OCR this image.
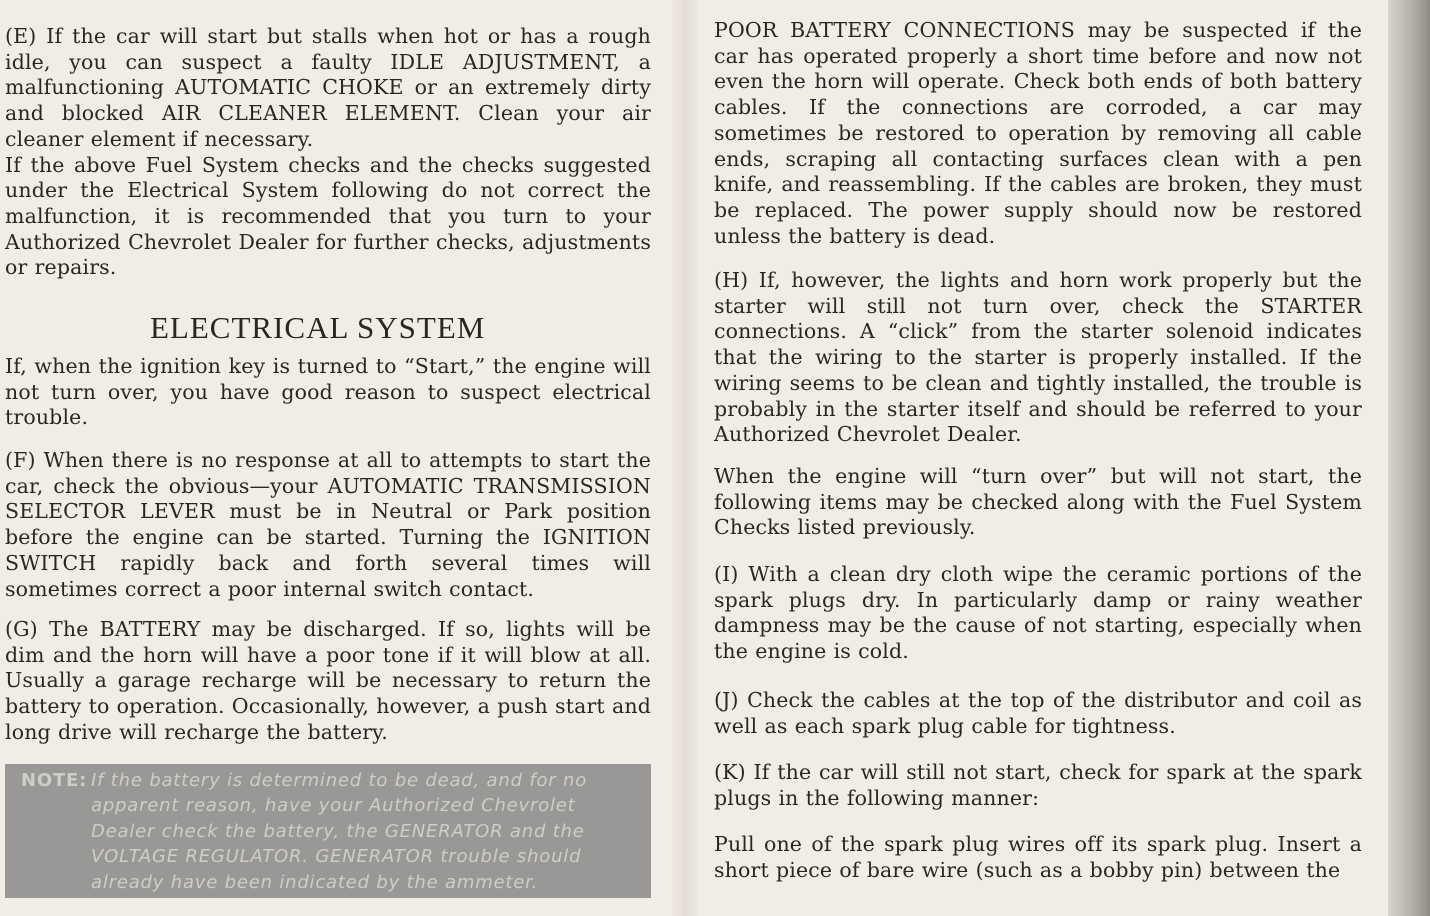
(E) If the car will start but stalls when hot or has a rough idle, you can suspect a faulty IDLE ADJUSTMENT, a malfunctioning AUTOMATIC CHOKE or an extremely dirty and blocked AIR CLEANER ELEMENT. Clean your air cleaner element if necessary.

If the above Fuel System checks and the checks suggested under the Electrical System following do not correct the malfunction, it is recommended that you turn to your Authorized Chevrolet Dealer for further checks, adjustments or repairs.

ELECTRICAL SYSTEM

If, when the ignition key is turned to “Start,” the engine will not turn over, you have good reason to suspect electrical trouble.

(F) When there is no response at all to attempts to start the car, check the obvious—your AUTOMATIC TRANSMISSION SELECTOR LEVER must be in Neutral or Park position before the engine can be started. Turning the IGNITION SWITCH rapidly back and forth several times will sometimes correct a poor internal switch contact.

(G) The BATTERY may be discharged. If so, lights will be dim and the horn will have a poor tone if it will blow at all. Usually a garage recharge will be necessary to return the battery to operation. Occasionally, however, a push start and long drive will recharge the battery.

NOTE: If the battery is determined to be dead, and for no apparent reason, have your Authorized Chevrolet Dealer check the battery, the GENERATOR and the VOLTAGE REGULATOR. GENERATOR trouble should already have been indicated by the ammeter.

POOR BATTERY CONNECTIONS may be suspected if the car has operated properly a short time before and now not even the horn will operate. Check both ends of both battery cables. If the connections are corroded, a car may sometimes be restored to operation by removing all cable ends, scraping all contacting surfaces clean with a pen knife, and reassembling. If the cables are broken, they must be replaced. The power supply should now be restored unless the battery is dead.

(H) If, however, the lights and horn work properly but the starter will still not turn over, check the STARTER connections. A “click” from the starter solenoid indicates that the wiring to the starter is properly installed. If the wiring seems to be clean and tightly installed, the trouble is probably in the starter itself and should be referred to your Authorized Chevrolet Dealer.

When the engine will “turn over” but will not start, the following items may be checked along with the Fuel System Checks listed previously.

(I) With a clean dry cloth wipe the ceramic portions of the spark plugs dry. In particularly damp or rainy weather dampness may be the cause of not starting, especially when the engine is cold.

(J) Check the cables at the top of the distributor and coil as well as each spark plug cable for tightness.

(K) If the car will still not start, check for spark at the spark plugs in the following manner:

Pull one of the spark plug wires off its spark plug. Insert a short piece of bare wire (such as a bobby pin) between the
